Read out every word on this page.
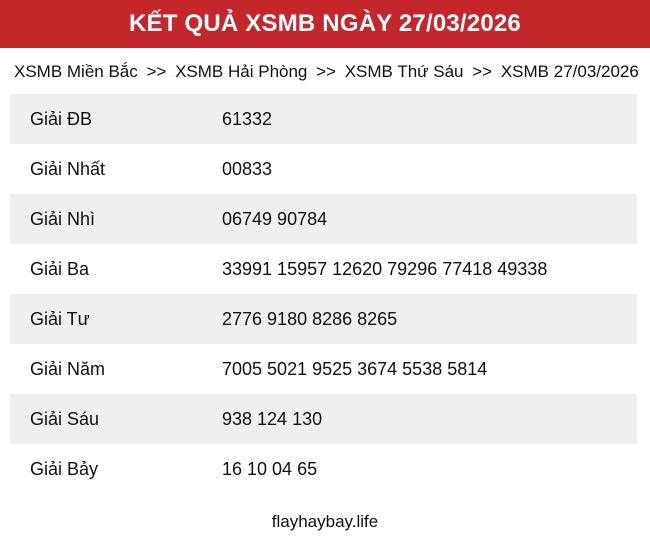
KẾT QUẢ XSMB NGÀY 27/03/2026
XSMB Miền Bắc >> XSMB Hải Phòng >> XSMB Thứ Sáu >> XSMB 27/03/2026
Giải ĐB	61332
Giải Nhất	00833
Giải Nhì	06749 90784
Giải Ba	33991 15957 12620 79296 77418 49338
Giải Tư	2776 9180 8286 8265
Giải Năm	7005 5021 9525 3674 5538 5814
Giải Sáu	938 124 130
Giải Bảy	16 10 04 65
flayhaybay.life
